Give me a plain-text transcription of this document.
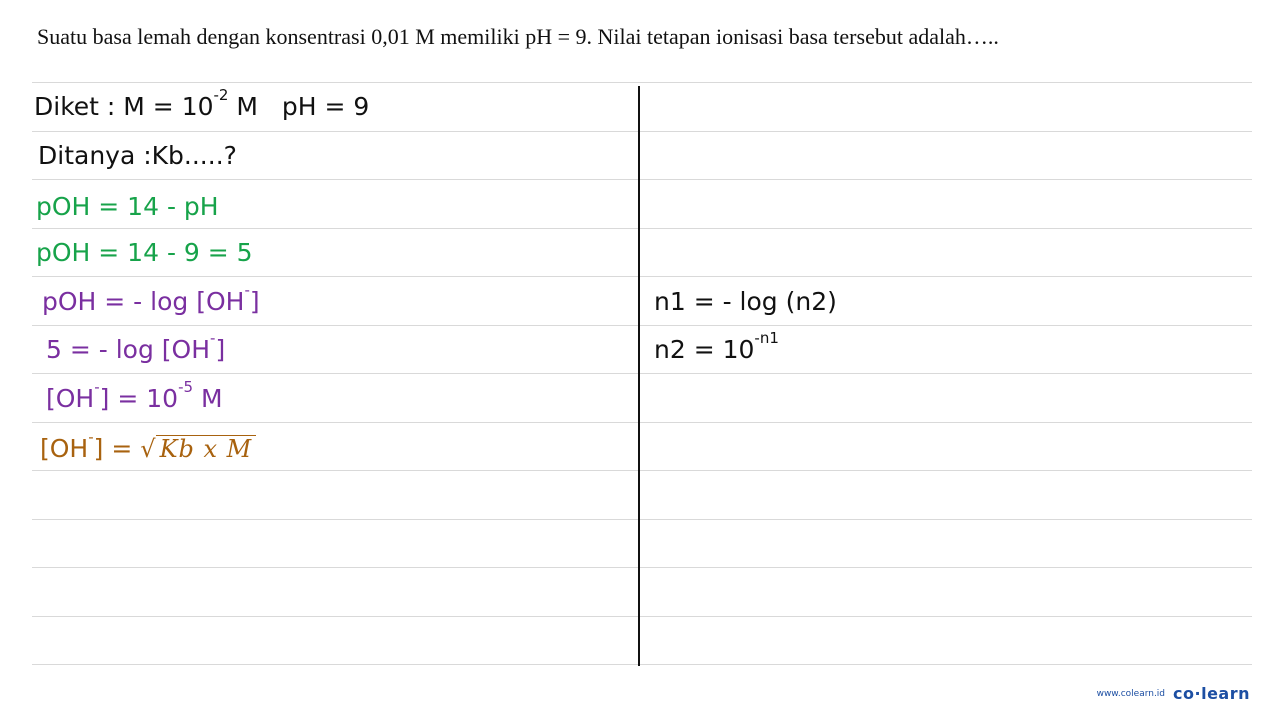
Suatu basa lemah dengan konsentrasi 0,01 M memiliki pH = 9. Nilai tetapan ionisasi basa tersebut adalah…..
Diket : $M = 10^{-2}$ M   pH = 9
Ditanya :Kb.....?
pOH = 14 - pH
pOH = 14 - 9 = 5
pOH = - log [OH-]
5 = - log [OH-]
$[OH^-] = 10^{-5}$ M
[OH-] = √ Kb x M
n1 = - log (n2)
$n2 = 10^{-n1}$
www.colearn.id co·learn
